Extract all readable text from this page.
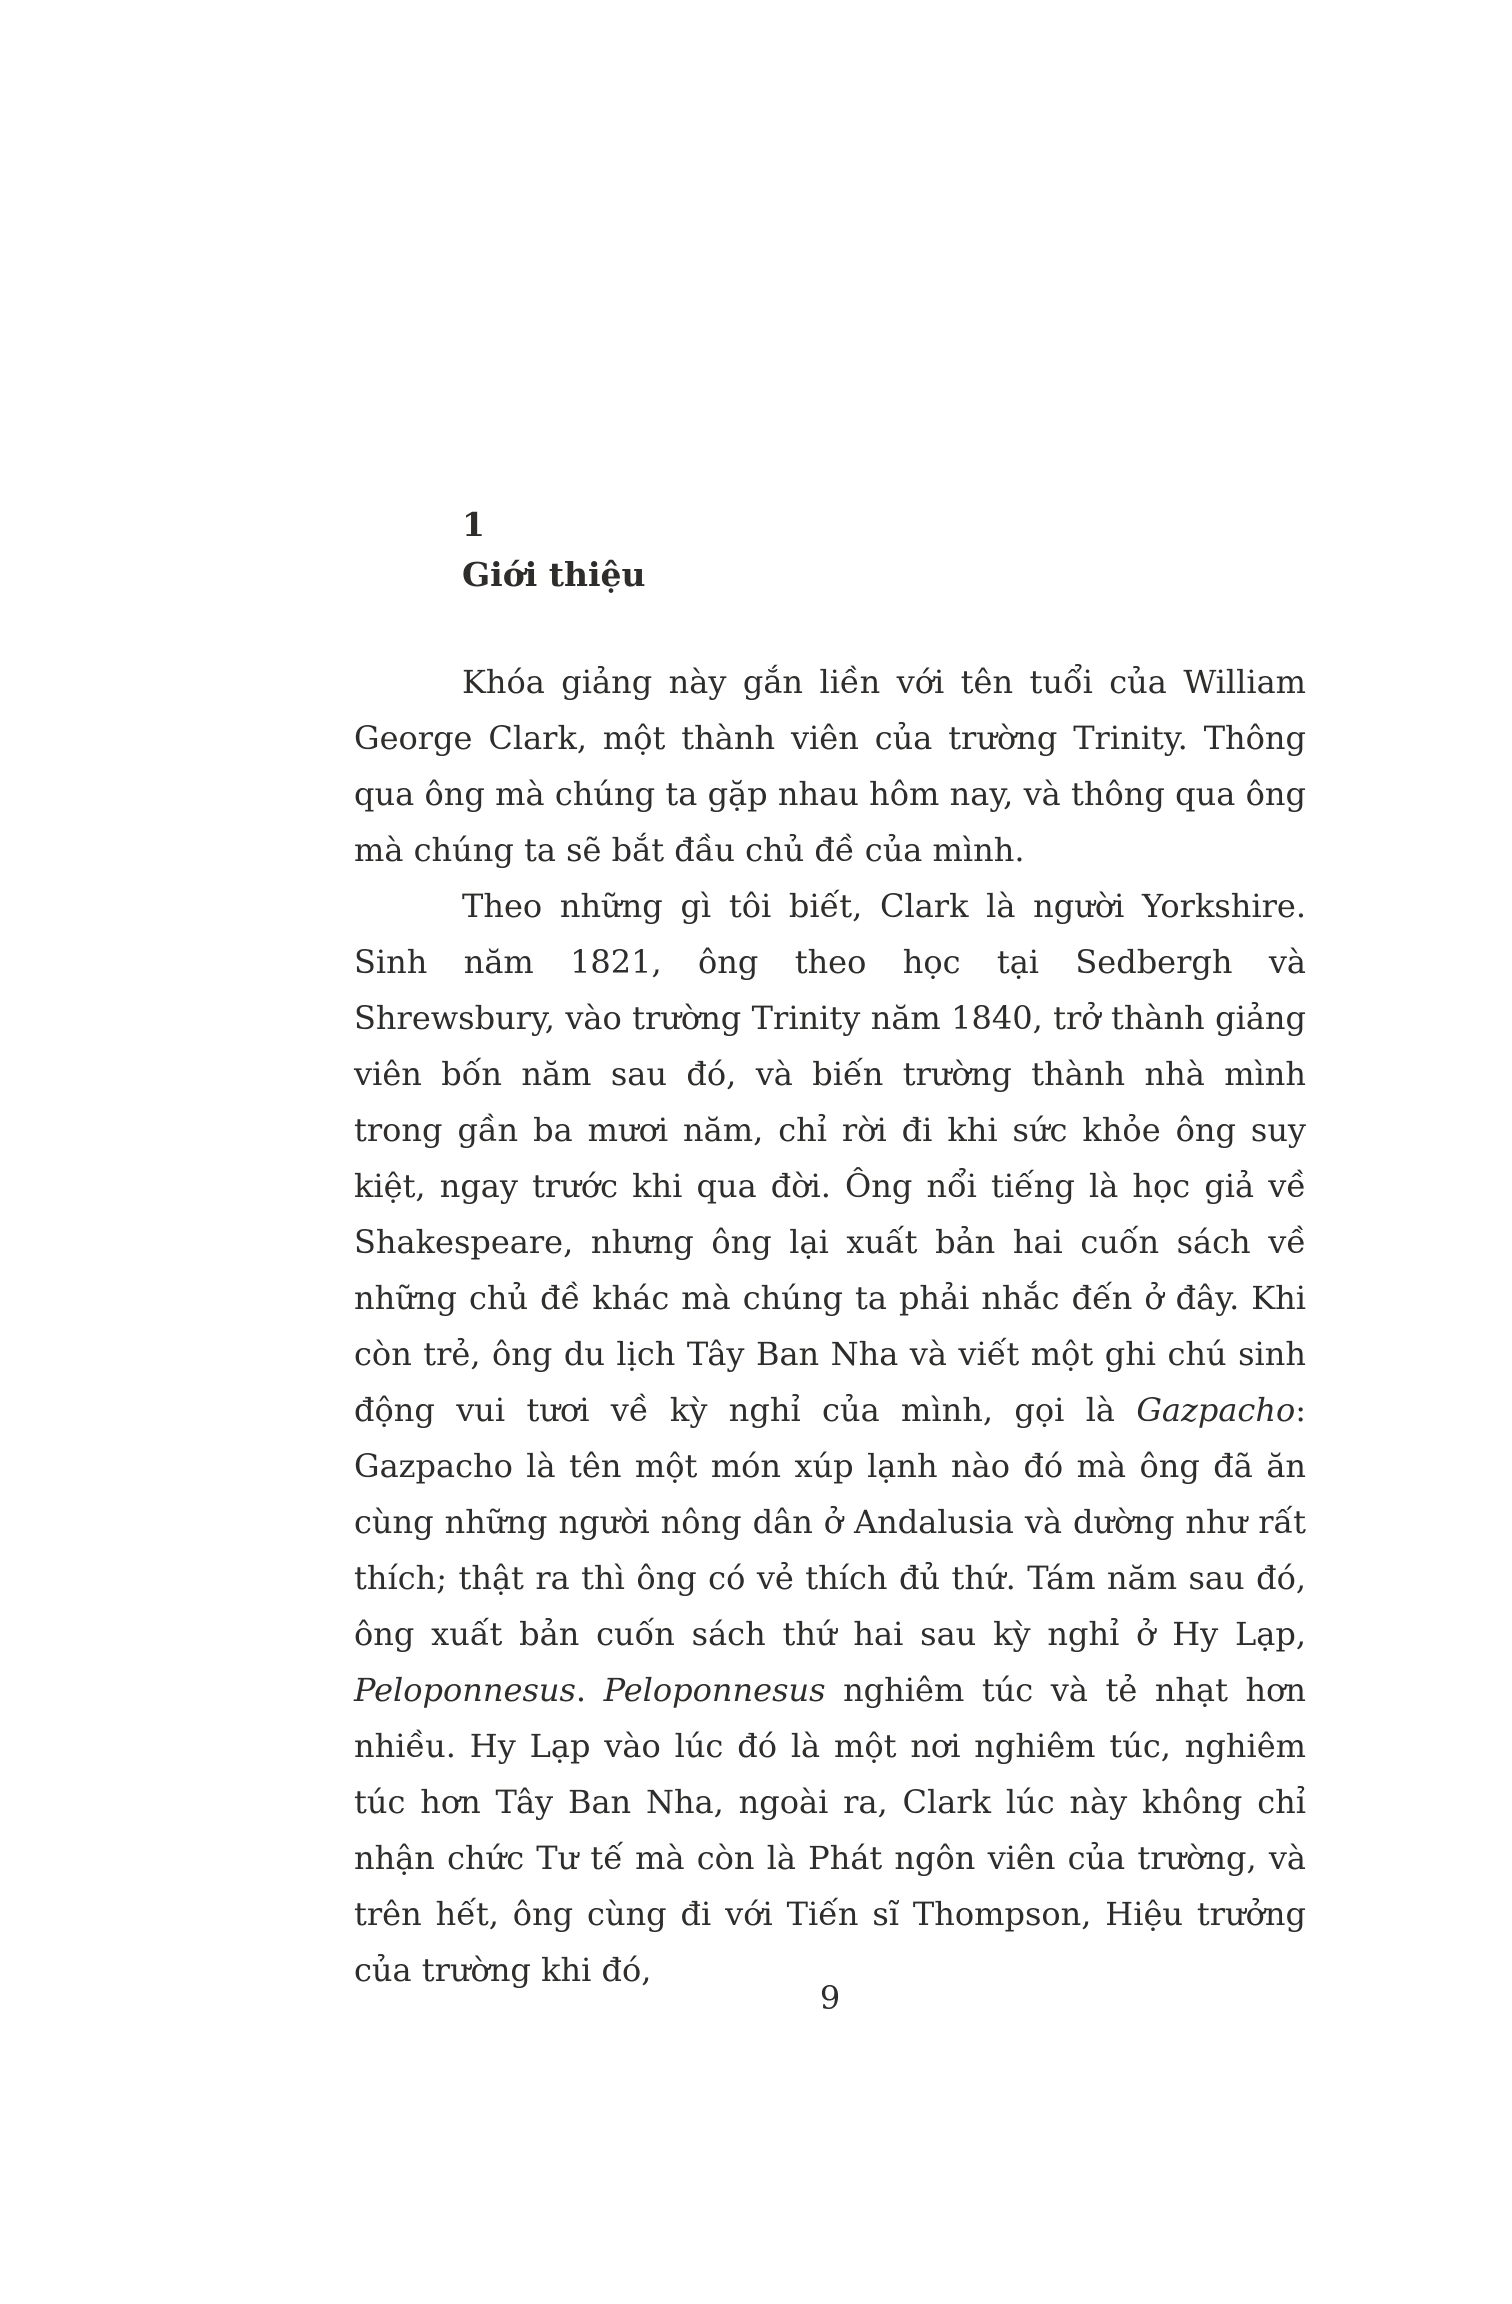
1
Giới thiệu

Khóa giảng này gắn liền với tên tuổi của William George Clark, một thành viên của trường Trinity. Thông qua ông mà chúng ta gặp nhau hôm nay, và thông qua ông mà chúng ta sẽ bắt đầu chủ đề của mình.

Theo những gì tôi biết, Clark là người Yorkshire. Sinh năm 1821, ông theo học tại Sedbergh và Shrewsbury, vào trường Trinity năm 1840, trở thành giảng viên bốn năm sau đó, và biến trường thành nhà mình trong gần ba mươi năm, chỉ rời đi khi sức khỏe ông suy kiệt, ngay trước khi qua đời. Ông nổi tiếng là học giả về Shakespeare, nhưng ông lại xuất bản hai cuốn sách về những chủ đề khác mà chúng ta phải nhắc đến ở đây. Khi còn trẻ, ông du lịch Tây Ban Nha và viết một ghi chú sinh động vui tươi về kỳ nghỉ của mình, gọi là Gazpacho: Gazpacho là tên một món xúp lạnh nào đó mà ông đã ăn cùng những người nông dân ở Andalusia và dường như rất thích; thật ra thì ông có vẻ thích đủ thứ. Tám năm sau đó, ông xuất bản cuốn sách thứ hai sau kỳ nghỉ ở Hy Lạp, Peloponnesus. Peloponnesus nghiêm túc và tẻ nhạt hơn nhiều. Hy Lạp vào lúc đó là một nơi nghiêm túc, nghiêm túc hơn Tây Ban Nha, ngoài ra, Clark lúc này không chỉ nhận chức Tư tế mà còn là Phát ngôn viên của trường, và trên hết, ông cùng đi với Tiến sĩ Thompson, Hiệu trưởng của trường khi đó,

9
